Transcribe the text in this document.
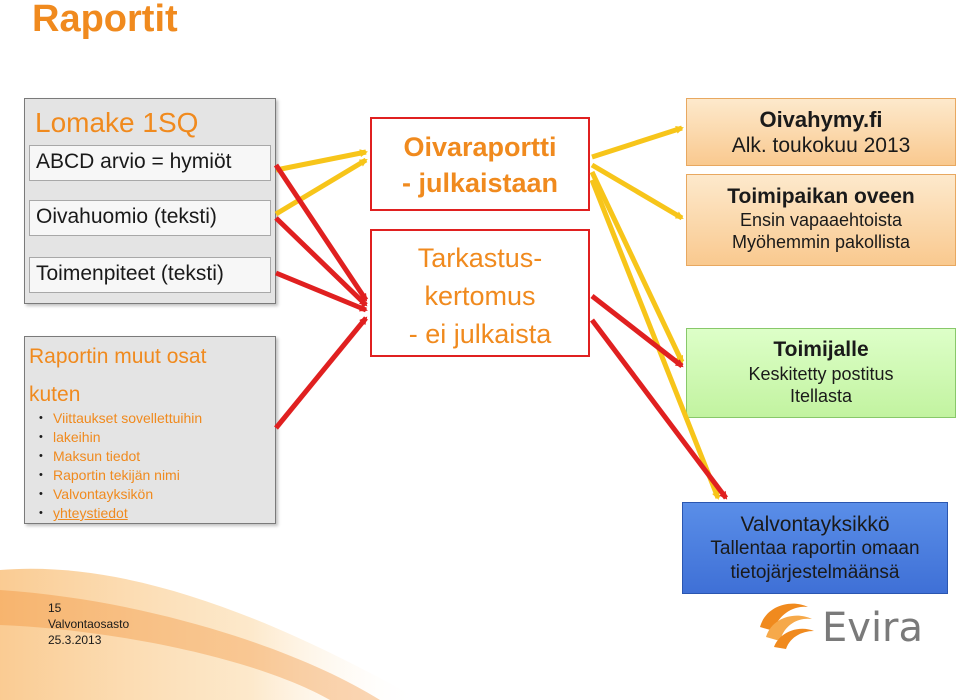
Raportit
Lomake 1SQ
ABCD arvio = hymiöt
Oivahuomio (teksti)
Toimenpiteet (teksti)
Raportin muut osat
kuten
• Viittaukset sovellettuihin
• lakeihin
• Maksun tiedot
• Raportin tekijän nimi
• Valvontayksikön
• yhteystiedot
Oivaraportti
- julkaistaan
Tarkastus-
kertomus
- ei julkaista
Oivahymy.fi
Alk. toukokuu 2013
Toimipaikan oveen
Ensin vapaaehtoista
Myöhemmin pakollista
Toimijalle
Keskitetty postitus
Itellasta
Valvontayksikkö
Tallentaa raportin omaan
tietojärjestelmäänsä
15
Valvontaosasto
25.3.2013	Evira
